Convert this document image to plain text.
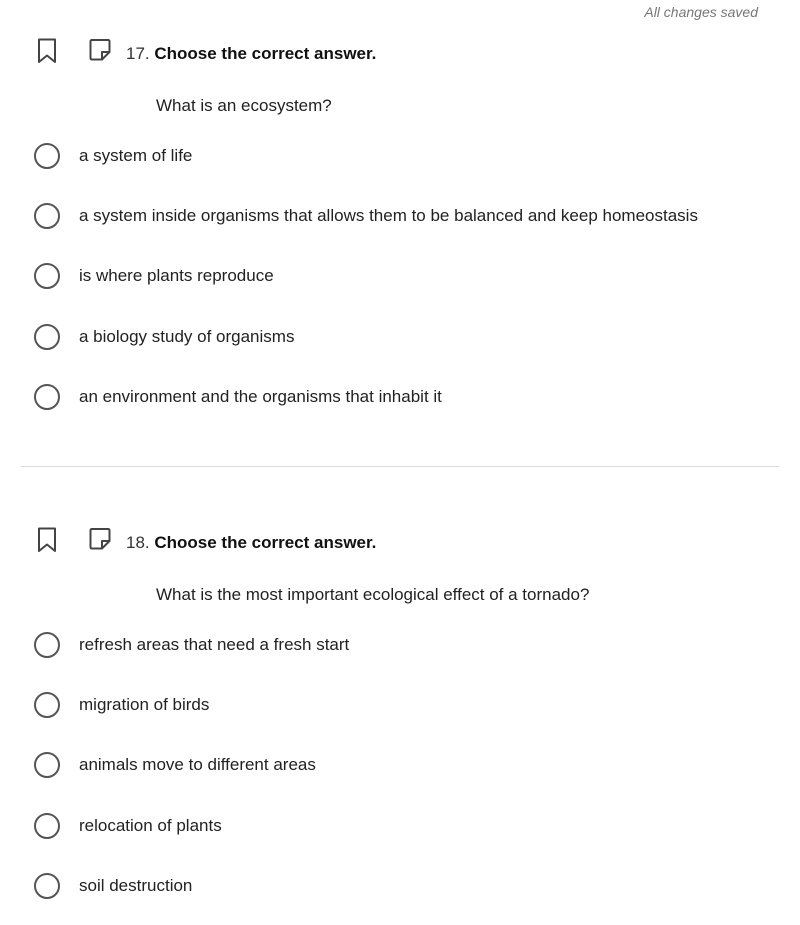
All changes saved
17. Choose the correct answer.
What is an ecosystem?
a system of life
a system inside organisms that allows them to be balanced and keep homeostasis
is where plants reproduce
a biology study of organisms
an environment and the organisms that inhabit it
18. Choose the correct answer.
What is the most important ecological effect of a tornado?
refresh areas that need a fresh start
migration of birds
animals move to different areas
relocation of plants
soil destruction
